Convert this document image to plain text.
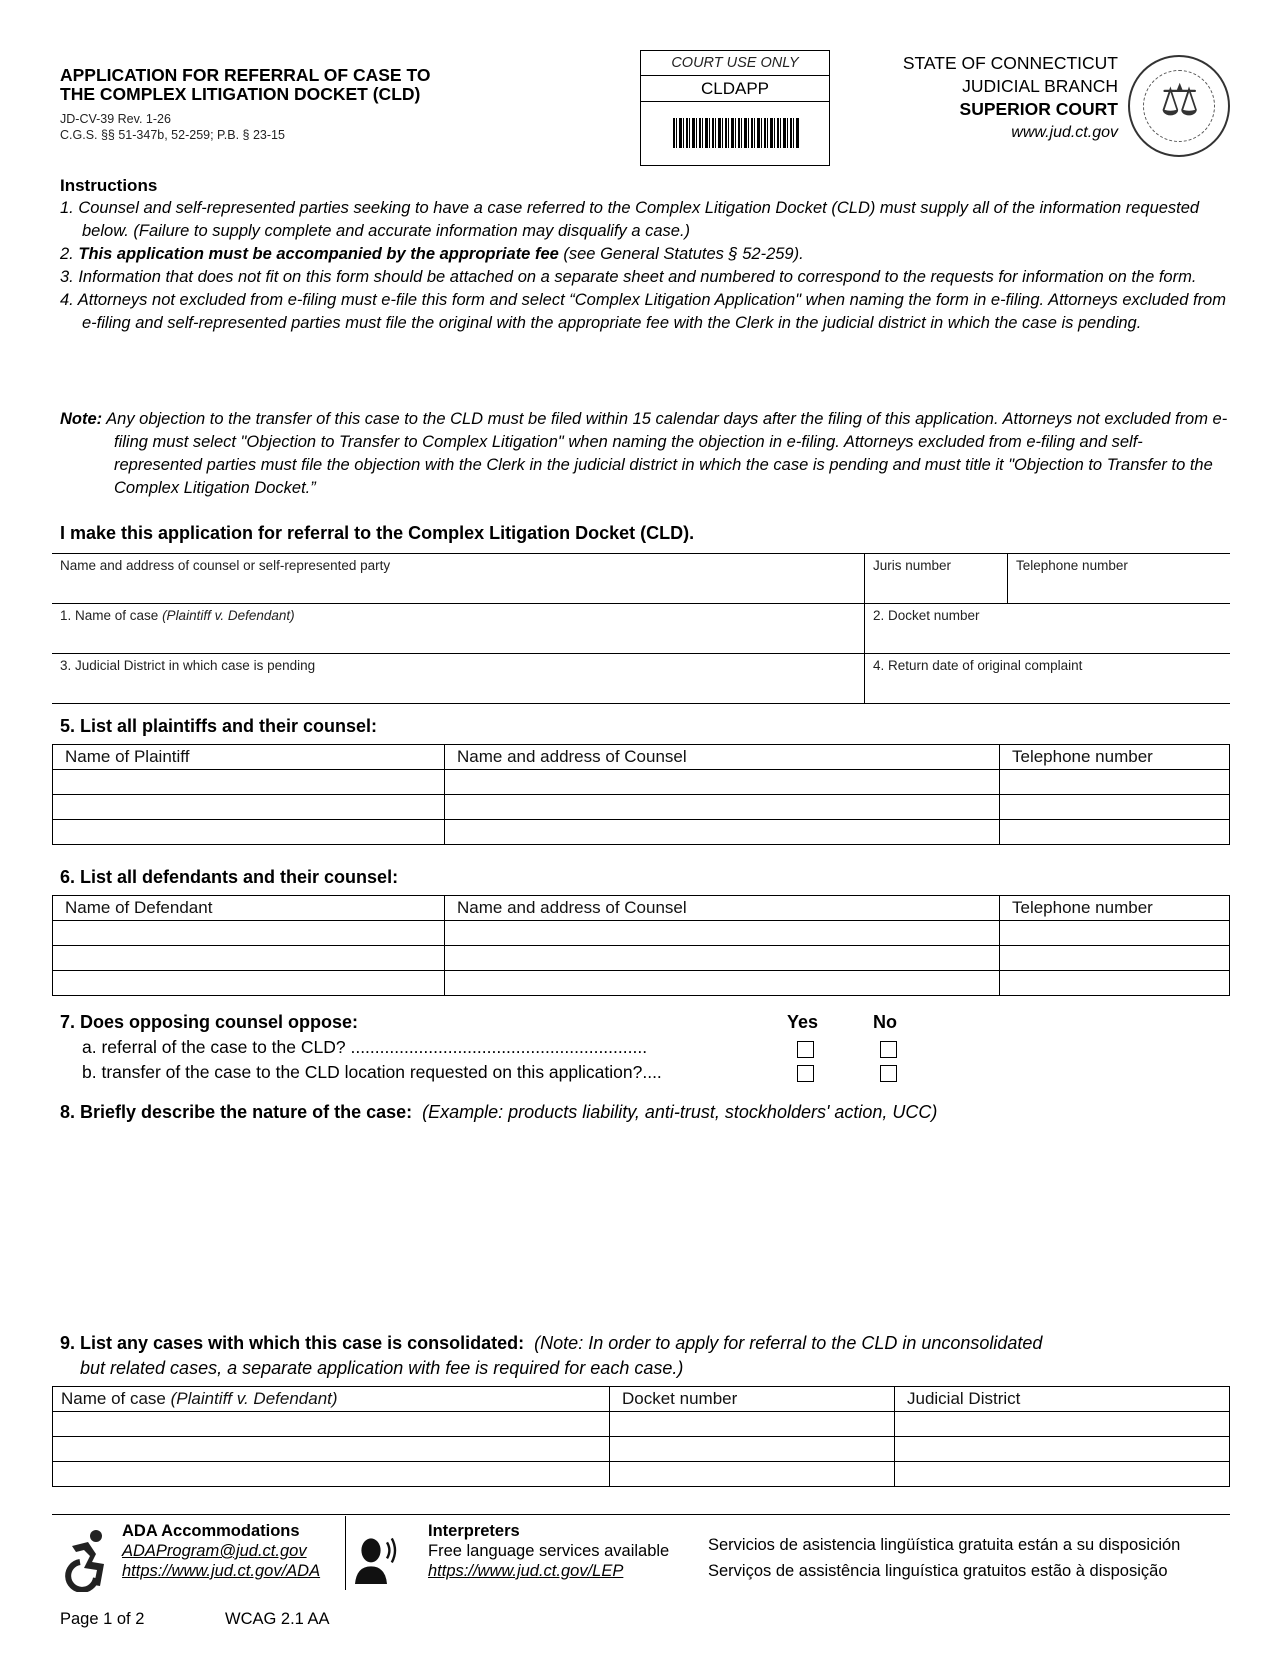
APPLICATION FOR REFERRAL OF CASE TO
THE COMPLEX LITIGATION DOCKET (CLD)
JD-CV-39 Rev. 1-26
C.G.S. §§ 51-347b, 52-259; P.B. § 23-15
COURT USE ONLY
CLDAPP
STATE OF CONNECTICUT
JUDICIAL BRANCH
SUPERIOR COURT
www.jud.ct.gov
⚖
Instructions
1. Counsel and self-represented parties seeking to have a case referred to the Complex Litigation Docket (CLD) must supply all of the information requested below. (Failure to supply complete and accurate information may disqualify a case.)
2. This application must be accompanied by the appropriate fee (see General Statutes § 52-259).
3. Information that does not fit on this form should be attached on a separate sheet and numbered to correspond to the requests for information on the form.
4. Attorneys not excluded from e-filing must e-file this form and select “Complex Litigation Application" when naming the form in e-filing. Attorneys excluded from e-filing and self-represented parties must file the original with the appropriate fee with the Clerk in the judicial district in which the case is pending.
Note: Any objection to the transfer of this case to the CLD must be filed within 15 calendar days after the filing of this application. Attorneys not excluded from e-filing must select "Objection to Transfer to Complex Litigation" when naming the objection in e-filing. Attorneys excluded from e-filing and self-represented parties must file the objection with the Clerk in the judicial district in which the case is pending and must title it "Objection to Transfer to the Complex Litigation Docket.”
I make this application for referral to the Complex Litigation Docket (CLD).
Name and address of counsel or self-represented party	Juris number	Telephone number
1. Name of case (Plaintiff v. Defendant)	2. Docket number
3. Judicial District in which case is pending	4. Return date of original complaint
5. List all plaintiffs and their counsel:
Name of Plaintiff	Name and address of Counsel	Telephone number

6. List all defendants and their counsel:
Name of Defendant	Name and address of Counsel	Telephone number

7. Does opposing counsel oppose:	Yes	No
a. referral of the case to the CLD? .............................................................
b. transfer of the case to the CLD location requested on this application?....
8. Briefly describe the nature of the case: (Example: products liability, anti-trust, stockholders' action, UCC)
9. List any cases with which this case is consolidated: (Note: In order to apply for referral to the CLD in unconsolidated
but related cases, a separate application with fee is required for each case.)
Name of case (Plaintiff v. Defendant)	Docket number	Judicial District

ADA Accommodations
ADAProgram@jud.ct.gov
https://www.jud.ct.gov/ADA
Interpreters
Free language services available
https://www.jud.ct.gov/LEP
Servicios de asistencia lingüística gratuita están a su disposición
Serviços de assistência linguística gratuitos estão à disposição
Page 1 of 2	WCAG 2.1 AA
